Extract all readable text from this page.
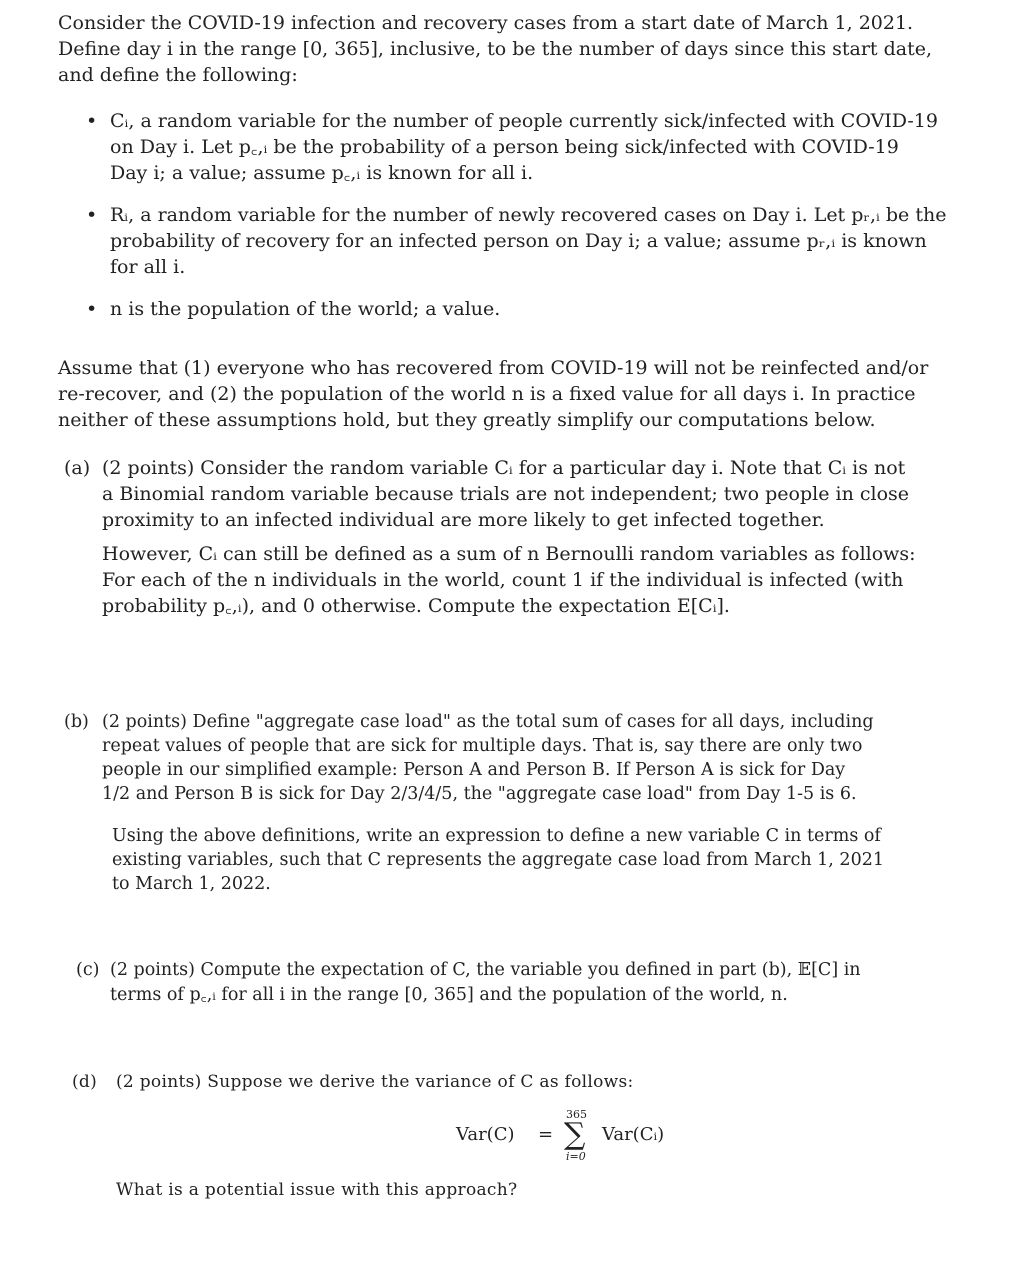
Consider the COVID-19 infection and recovery cases from a start date of March 1, 2021.
Define day i in the range [0, 365], inclusive, to be the number of days since this start date,
and define the following:
• Cᵢ, a random variable for the number of people currently sick/infected with COVID-19
on Day i. Let p꜀,ᵢ be the probability of a person being sick/infected with COVID-19
Day i; a value; assume p꜀,ᵢ is known for all i.
• Rᵢ, a random variable for the number of newly recovered cases on Day i. Let pᵣ,ᵢ be the
probability of recovery for an infected person on Day i; a value; assume pᵣ,ᵢ is known
for all i.
• n is the population of the world; a value.
Assume that (1) everyone who has recovered from COVID-19 will not be reinfected and/or
re-recover, and (2) the population of the world n is a fixed value for all days i. In practice
neither of these assumptions hold, but they greatly simplify our computations below.
(a) (2 points) Consider the random variable Cᵢ for a particular day i. Note that Cᵢ is not
a Binomial random variable because trials are not independent; two people in close
proximity to an infected individual are more likely to get infected together.
However, Cᵢ can still be defined as a sum of n Bernoulli random variables as follows:
For each of the n individuals in the world, count 1 if the individual is infected (with
probability p꜀,ᵢ), and 0 otherwise. Compute the expectation E[Cᵢ].
(b) (2 points) Define "aggregate case load" as the total sum of cases for all days, including
repeat values of people that are sick for multiple days. That is, say there are only two
people in our simplified example: Person A and Person B. If Person A is sick for Day
1/2 and Person B is sick for Day 2/3/4/5, the "aggregate case load" from Day 1-5 is 6.
Using the above definitions, write an expression to define a new variable C in terms of
existing variables, such that C represents the aggregate case load from March 1, 2021
to March 1, 2022.
(c) (2 points) Compute the expectation of C, the variable you defined in part (b), 𝔼[C] in
terms of p꜀,ᵢ for all i in the range [0, 365] and the population of the world, n.
(d) (2 points) Suppose we derive the variance of C as follows:
Var(C) =
365
∑
i=0
Var(Cᵢ)
What is a potential issue with this approach?
